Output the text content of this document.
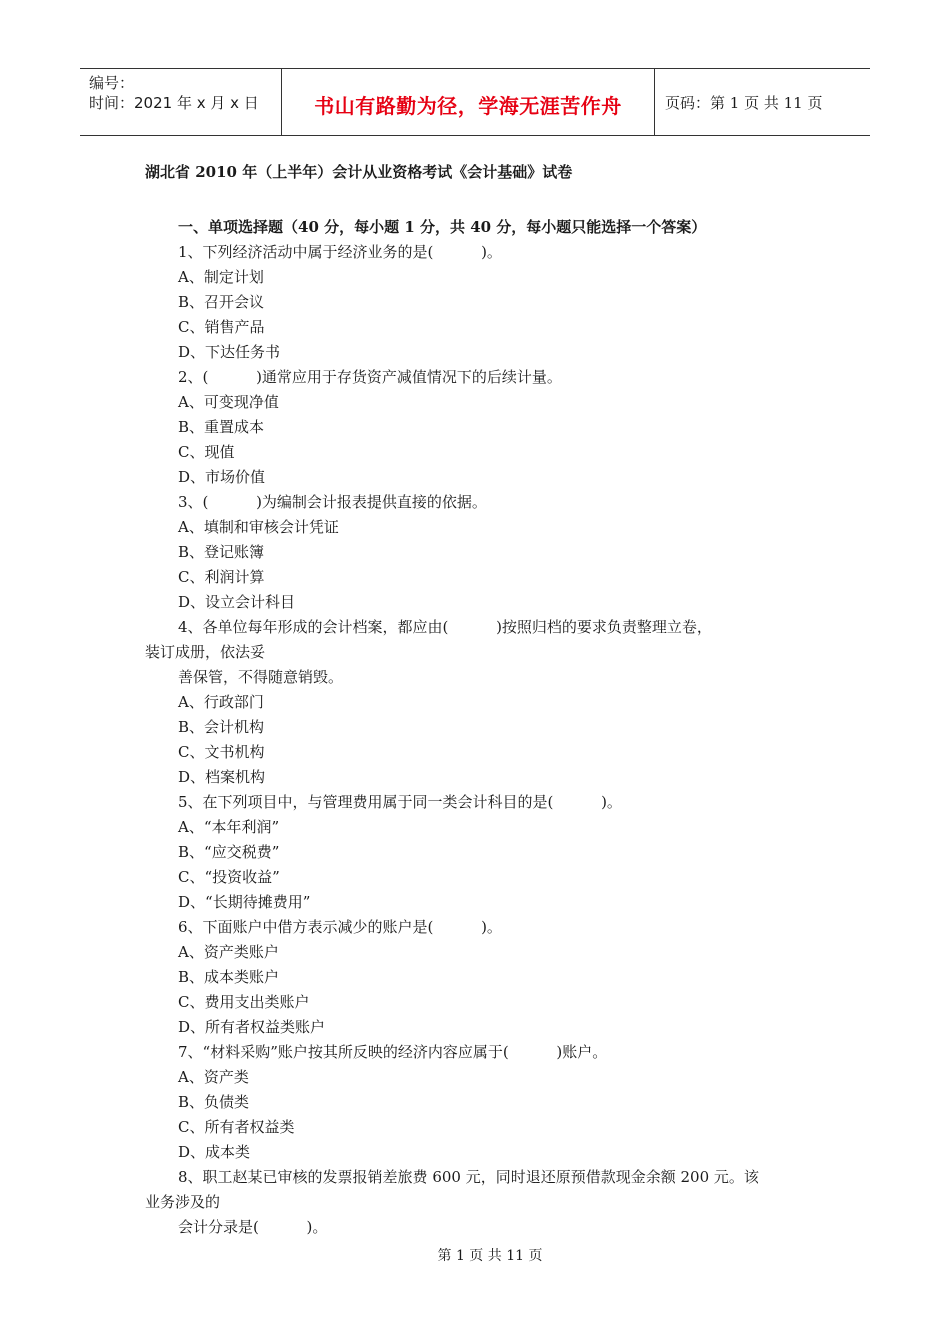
编号：
时间：2021 年 x 月 x 日	书山有路勤为径，学海无涯苦作舟	页码：第 1 页 共 11 页
湖北省 2010 年（上半年）会计从业资格考试《会计基础》试卷
一、单项选择题（40 分，每小题 1 分，共 40 分，每小题只能选择一个答案）
1、下列经济活动中属于经济业务的是(          )。
A、制定计划
B、召开会议
C、销售产品
D、下达任务书
2、(          )通常应用于存货资产减值情况下的后续计量。
A、可变现净值
B、重置成本
C、现值
D、市场价值
3、(          )为编制会计报表提供直接的依据。
A、填制和审核会计凭证
B、登记账簿
C、利润计算
D、设立会计科目
4、各单位每年形成的会计档案，都应由(          )按照归档的要求负责整理立卷，
装订成册，依法妥
善保管，不得随意销毁。
A、行政部门
B、会计机构
C、文书机构
D、档案机构
5、在下列项目中，与管理费用属于同一类会计科目的是(          )。
A、“本年利润”
B、“应交税费”
C、“投资收益”
D、“长期待摊费用”
6、下面账户中借方表示减少的账户是(          )。
A、资产类账户
B、成本类账户
C、费用支出类账户
D、所有者权益类账户
7、“材料采购”账户按其所反映的经济内容应属于(          )账户。
A、资产类
B、负债类
C、所有者权益类
D、成本类
8、职工赵某已审核的发票报销差旅费 600 元，同时退还原预借款现金余额 200 元。该
业务涉及的
会计分录是(          )。
第 1 页 共 11 页
